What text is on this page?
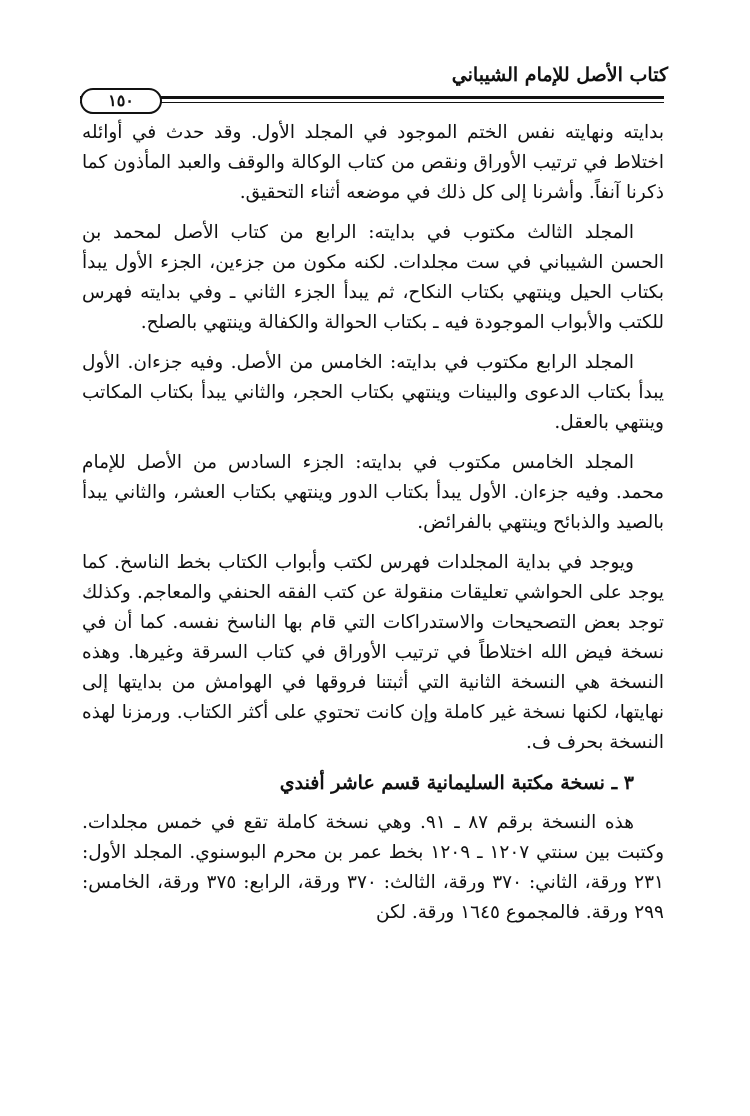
كتاب الأصل للإمام الشيباني
١٥٠

بدايته ونهايته نفس الختم الموجود في المجلد الأول. وقد حدث في أوائله اختلاط في ترتيب الأوراق ونقص من كتاب الوكالة والوقف والعبد المأذون كما ذكرنا آنفاً. وأشرنا إلى كل ذلك في موضعه أثناء التحقيق.

المجلد الثالث مكتوب في بدايته: الرابع من كتاب الأصل لمحمد بن الحسن الشيباني في ست مجلدات. لكنه مكون من جزءين، الجزء الأول يبدأ بكتاب الحيل وينتهي بكتاب النكاح، ثم يبدأ الجزء الثاني ـ وفي بدايته فهرس للكتب والأبواب الموجودة فيه ـ بكتاب الحوالة والكفالة وينتهي بالصلح.

المجلد الرابع مكتوب في بدايته: الخامس من الأصل. وفيه جزءان. الأول يبدأ بكتاب الدعوى والبينات وينتهي بكتاب الحجر، والثاني يبدأ بكتاب المكاتب وينتهي بالعقل.

المجلد الخامس مكتوب في بدايته: الجزء السادس من الأصل للإمام محمد. وفيه جزءان. الأول يبدأ بكتاب الدور وينتهي بكتاب العشر، والثاني يبدأ بالصيد والذبائح وينتهي بالفرائض.

ويوجد في بداية المجلدات فهرس لكتب وأبواب الكتاب بخط الناسخ. كما يوجد على الحواشي تعليقات منقولة عن كتب الفقه الحنفي والمعاجم. وكذلك توجد بعض التصحيحات والاستدراكات التي قام بها الناسخ نفسه. كما أن في نسخة فيض الله اختلاطاً في ترتيب الأوراق في كتاب السرقة وغيرها. وهذه النسخة هي النسخة الثانية التي أثبتنا فروقها في الهوامش من بدايتها إلى نهايتها، لكنها نسخة غير كاملة وإن كانت تحتوي على أكثر الكتاب. ورمزنا لهذه النسخة بحرف ف.

٣ ـ نسخة مكتبة السليمانية قسم عاشر أفندي

هذه النسخة برقم ٨٧ ـ ٩١. وهي نسخة كاملة تقع في خمس مجلدات. وكتبت بين سنتي ١٢٠٧ ـ ١٢٠٩ بخط عمر بن محرم البوسنوي. المجلد الأول: ٢٣١ ورقة، الثاني: ٣٧٠ ورقة، الثالث: ٣٧٠ ورقة، الرابع: ٣٧٥ ورقة، الخامس: ٢٩٩ ورقة. فالمجموع ١٦٤٥ ورقة. لكن
